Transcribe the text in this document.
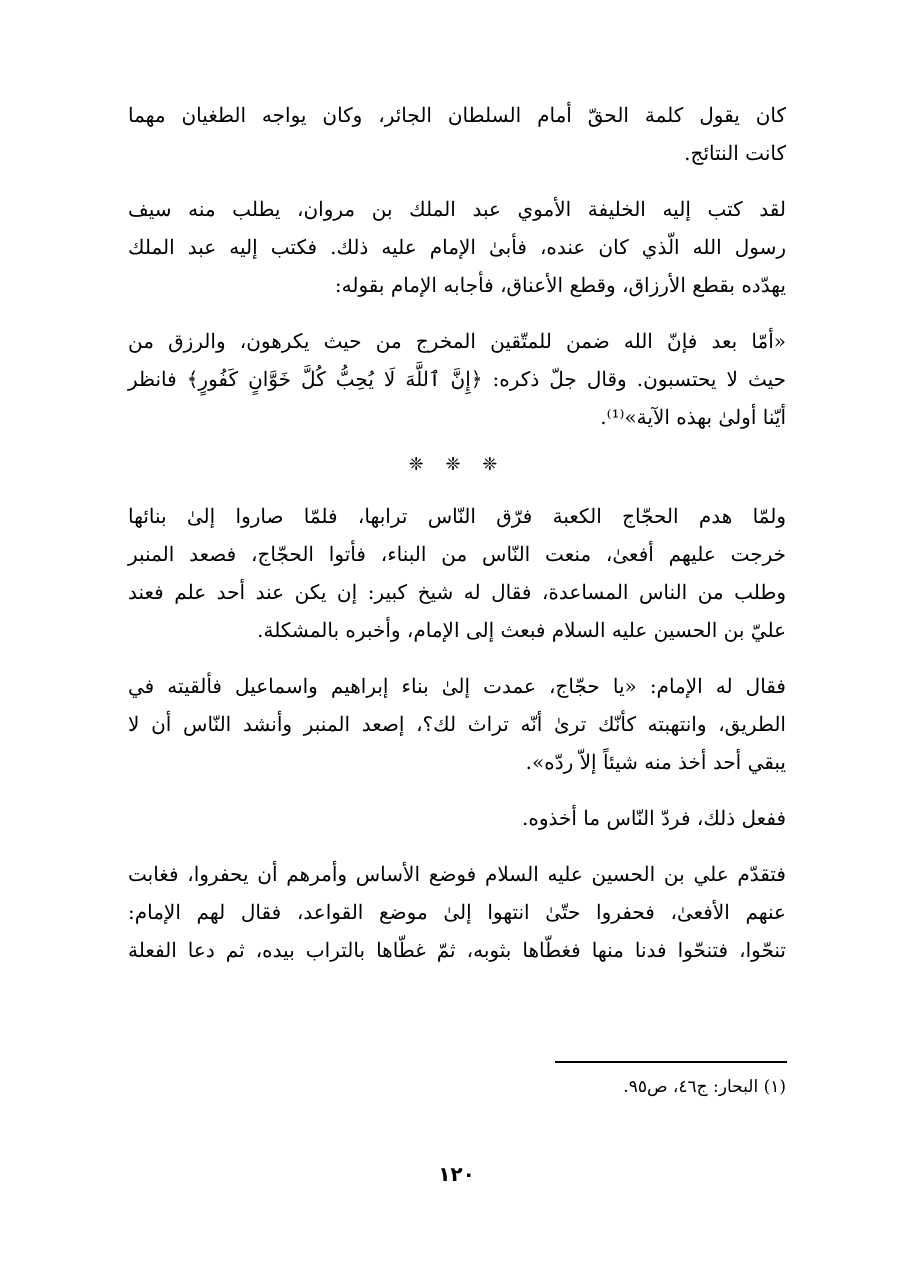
كان يقول كلمة الحقّ أمام السلطان الجائر، وكان يواجه الطغيان مهما
كانت النتائج.

لقد كتب إليه الخليفة الأموي عبد الملك بن مروان، يطلب منه سيف
رسول الله الّذي كان عنده، فأبىٰ الإمام عليه ذلك. فكتب إليه عبد الملك
يهدّده بقطع الأرزاق، وقطع الأعناق، فأجابه الإمام بقوله:

«أمّا بعد فإنّ الله ضمن للمتّقين المخرج من حيث يكرهون، والرزق من
حيث لا يحتسبون. وقال جلّ ذكره: ﴿إِنَّ ٱللَّهَ لَا يُحِبُّ كُلَّ خَوَّانٍ كَفُورٍ﴾ فانظر
أيّنا أولىٰ بهذه الآية»⁽¹⁾.

❈ ❈ ❈

ولمّا هدم الحجّاج الكعبة فرّق النّاس ترابها، فلمّا صاروا إلىٰ بنائها
خرجت عليهم أفعىٰ، منعت النّاس من البناء، فأتوا الحجّاج، فصعد المنبر
وطلب من الناس المساعدة، فقال له شيخ كبير: إن يكن عند أحد علم فعند
عليّ بن الحسين عليه السلام فبعث إلى الإمام، وأخبره بالمشكلة.

فقال له الإمام: «يا حجّاج، عمدت إلىٰ بناء إبراهيم واسماعيل فألقيته في
الطريق، وانتهبته كأنّك ترىٰ أنّه تراث لك؟، إصعد المنبر وأنشد النّاس أن لا
يبقي أحد أخذ منه شيئاً إلاّ ردّه».

ففعل ذلك، فردّ النّاس ما أخذوه.

فتقدّم علي بن الحسين عليه السلام فوضع الأساس وأمرهم أن يحفروا، فغابت
عنهم الأفعىٰ، فحفروا حتّىٰ انتهوا إلىٰ موضع القواعد، فقال لهم الإمام:
تنحّوا، فتنحّوا فدنا منها فغطّاها بثوبه، ثمّ غطّاها بالتراب بيده، ثم دعا الفعلة

(١) البحار: ج٤٦، ص٩٥.
١٢٠
